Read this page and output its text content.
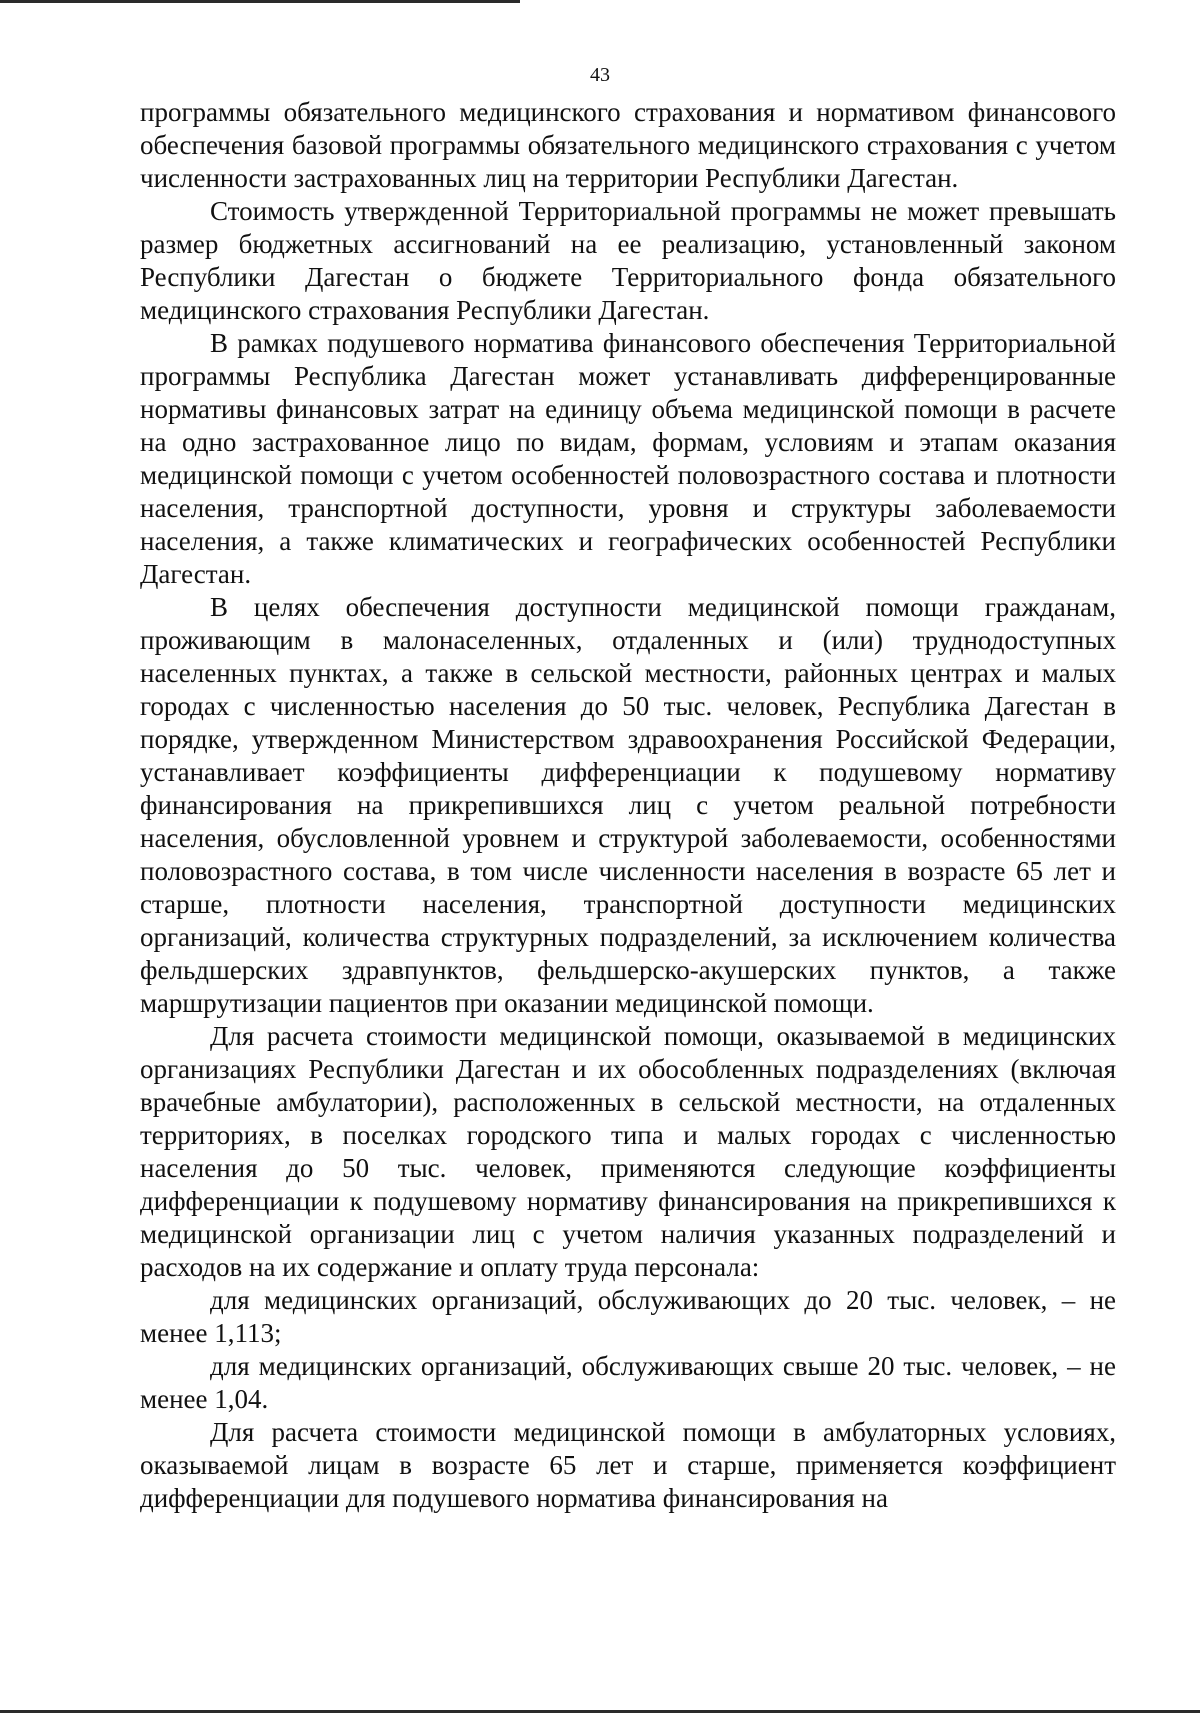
43

программы обязательного медицинского страхования и нормативом финансового обеспечения базовой программы обязательного медицинского страхования с учетом численности застрахованных лиц на территории Республики Дагестан.

Стоимость утвержденной Территориальной программы не может превышать размер бюджетных ассигнований на ее реализацию, установленный законом Республики Дагестан о бюджете Территориального фонда обязательного медицинского страхования Республики Дагестан.

В рамках подушевого норматива финансового обеспечения Территориальной программы Республика Дагестан может устанавливать дифференцированные нормативы финансовых затрат на единицу объема медицинской помощи в расчете на одно застрахованное лицо по видам, формам, условиям и этапам оказания медицинской помощи с учетом особенностей половозрастного состава и плотности населения, транспортной доступности, уровня и структуры заболеваемости населения, а также климатических и географических особенностей Республики Дагестан.

В целях обеспечения доступности медицинской помощи гражданам, проживающим в малонаселенных, отдаленных и (или) труднодоступных населенных пунктах, а также в сельской местности, районных центрах и малых городах с численностью населения до 50 тыс. человек, Республика Дагестан в порядке, утвержденном Министерством здравоохранения Российской Федерации, устанавливает коэффициенты дифференциации к подушевому нормативу финансирования на прикрепившихся лиц с учетом реальной потребности населения, обусловленной уровнем и структурой заболеваемости, особенностями половозрастного состава, в том числе численности населения в возрасте 65 лет и старше, плотности населения, транспортной доступности медицинских организаций, количества структурных подразделений, за исключением количества фельдшерских здравпунктов, фельдшерско-акушерских пунктов, а также маршрутизации пациентов при оказании медицинской помощи.

Для расчета стоимости медицинской помощи, оказываемой в медицинских организациях Республики Дагестан и их обособленных подразделениях (включая врачебные амбулатории), расположенных в сельской местности, на отдаленных территориях, в поселках городского типа и малых городах с численностью населения до 50 тыс. человек, применяются следующие коэффициенты дифференциации к подушевому нормативу финансирования на прикрепившихся к медицинской организации лиц с учетом наличия указанных подразделений и расходов на их содержание и оплату труда персонала:

для медицинских организаций, обслуживающих до 20 тыс. человек, – не менее 1,113;

для медицинских организаций, обслуживающих свыше 20 тыс. человек, – не менее 1,04.

Для расчета стоимости медицинской помощи в амбулаторных условиях, оказываемой лицам в возрасте 65 лет и старше, применяется коэффициент дифференциации для подушевого норматива финансирования на
